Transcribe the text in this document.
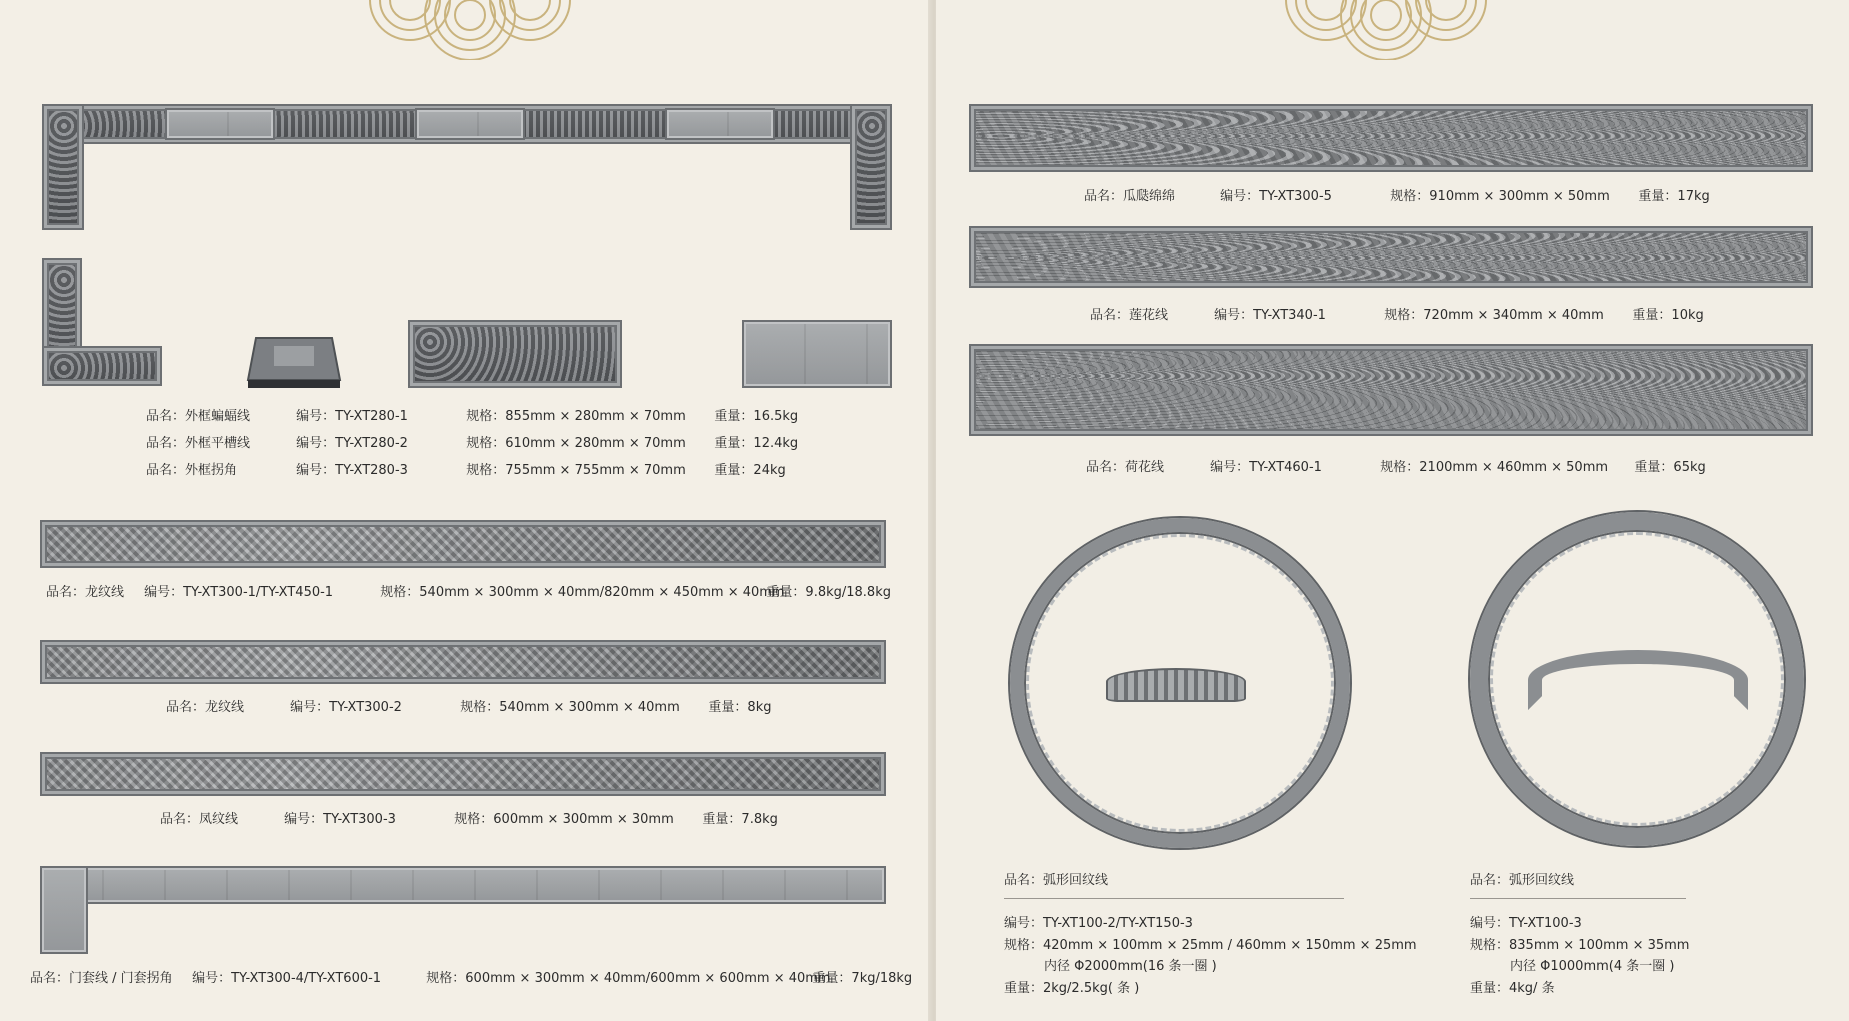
品名：外框蝙蝠线	编号：TY-XT280-1	规格：855mm × 280mm × 70mm 重量：16.5kg
品名：外框平槽线	编号：TY-XT280-2	规格：610mm × 280mm × 70mm 重量：12.4kg
品名：外框拐角	编号：TY-XT280-3	规格：755mm × 755mm × 70mm 重量：24kg
品名：龙纹线 编号：TY-XT300-1/TY-XT450-1	规格：540mm × 300mm × 40mm/820mm × 450mm × 40mm 重量：9.8kg/18.8kg
品名：龙纹线	编号：TY-XT300-2	规格：540mm × 300mm × 40mm 重量：8kg
品名：凤纹线	编号：TY-XT300-3	规格：600mm × 300mm × 30mm 重量：7.8kg
品名：门套线 / 门套拐角 编号：TY-XT300-4/TY-XT600-1	规格：600mm × 300mm × 40mm/600mm × 600mm × 40mm 重量：7kg/18kg
品名：瓜瓞绵绵	编号：TY-XT300-5	规格：910mm × 300mm × 50mm 重量：17kg
品名：莲花线	编号：TY-XT340-1	规格：720mm × 340mm × 40mm 重量：10kg
品名：荷花线	编号：TY-XT460-1	规格：2100mm × 460mm × 50mm 重量：65kg
品名：弧形回纹线
编号：TY-XT100-2/TY-XT150-3
规格：420mm × 100mm × 25mm / 460mm × 150mm × 25mm
内径 Φ2000mm(16 条一圈 )
重量：2kg/2.5kg( 条 )
品名：弧形回纹线
编号：TY-XT100-3
规格：835mm × 100mm × 35mm
内径 Φ1000mm(4 条一圈 )
重量：4kg/ 条
